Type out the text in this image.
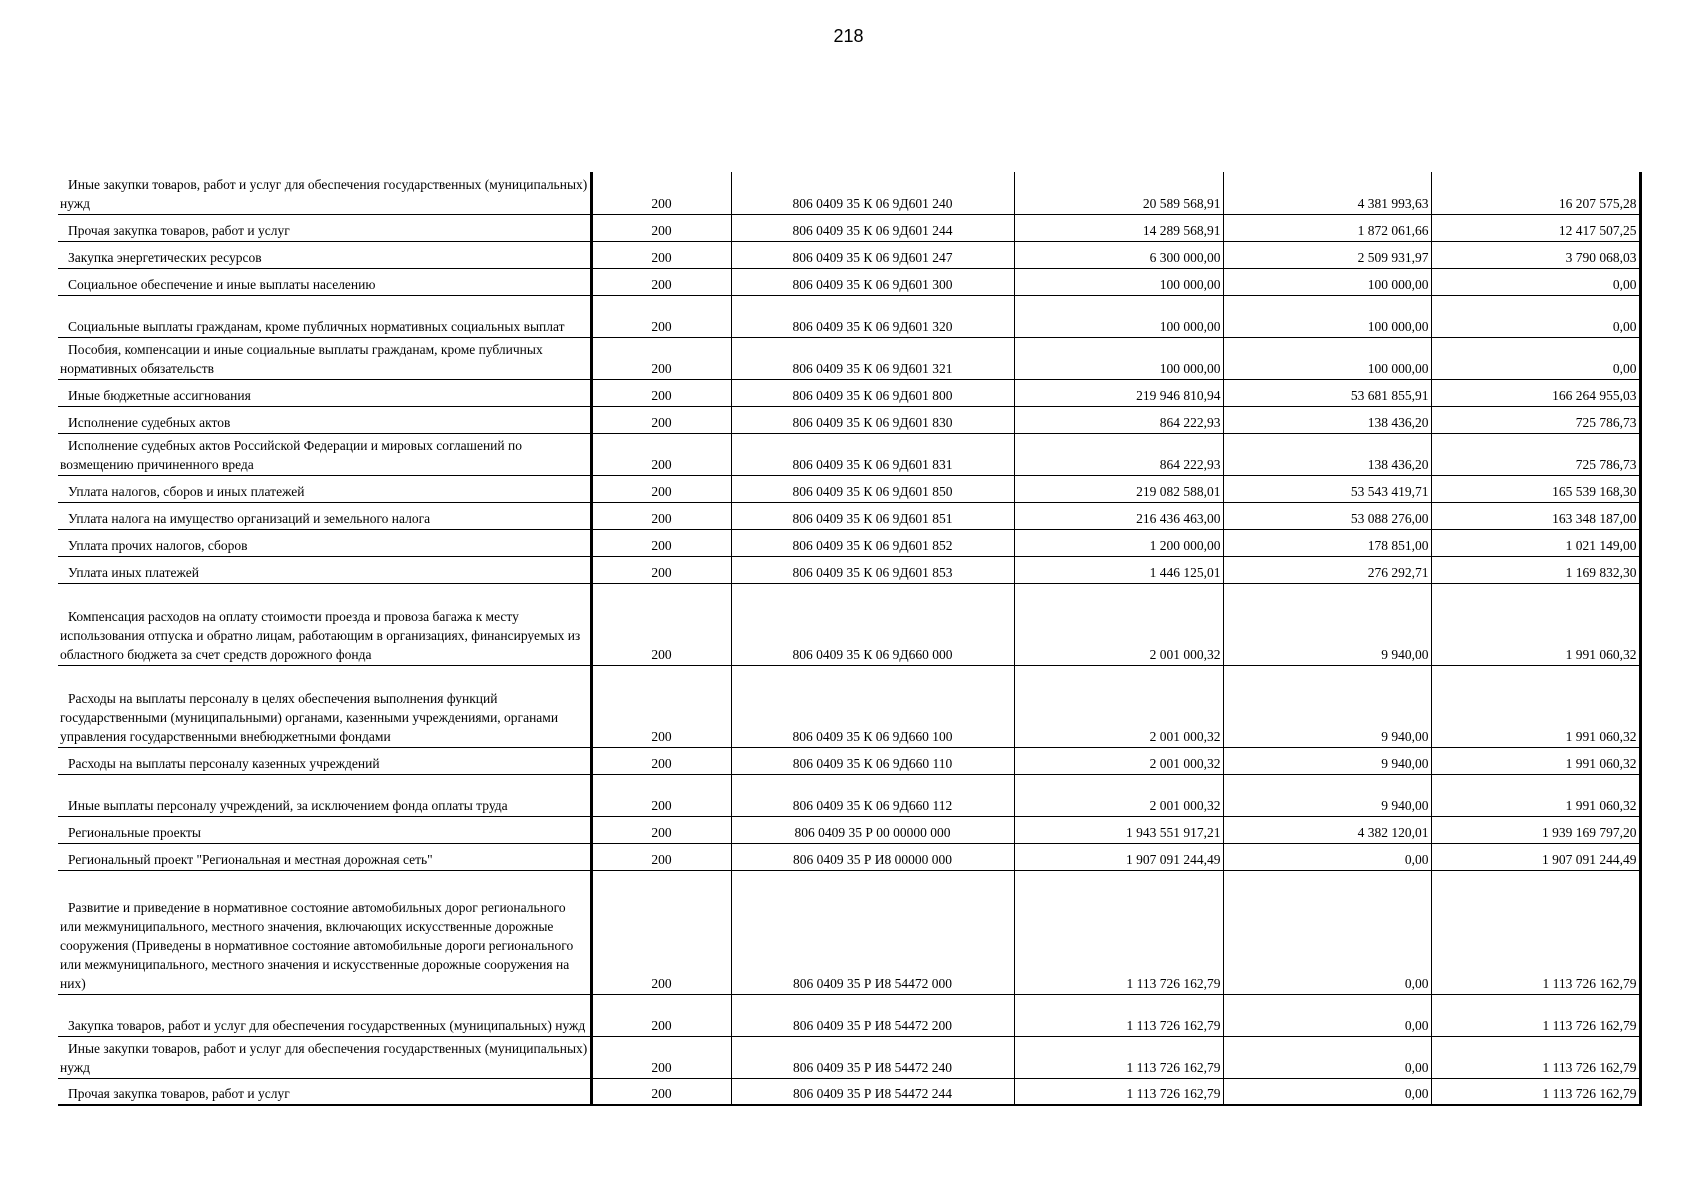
218
Иные закупки товаров, работ и услуг для обеспечения государственных (муниципальных) нужд	200	806 0409 35 К 06 9Д601 240	20 589 568,91	4 381 993,63	16 207 575,28

Прочая закупка товаров, работ и услуг	200	806 0409 35 К 06 9Д601 244	14 289 568,91	1 872 061,66	12 417 507,25

Закупка энергетических ресурсов	200	806 0409 35 К 06 9Д601 247	6 300 000,00	2 509 931,97	3 790 068,03

Социальное обеспечение и иные выплаты населению	200	806 0409 35 К 06 9Д601 300	100 000,00	100 000,00	0,00

Социальные выплаты гражданам, кроме публичных нормативных социальных выплат	200	806 0409 35 К 06 9Д601 320	100 000,00	100 000,00	0,00

Пособия, компенсации и иные социальные выплаты гражданам, кроме публичных нормативных обязательств	200	806 0409 35 К 06 9Д601 321	100 000,00	100 000,00	0,00

Иные бюджетные ассигнования	200	806 0409 35 К 06 9Д601 800	219 946 810,94	53 681 855,91	166 264 955,03

Исполнение судебных актов	200	806 0409 35 К 06 9Д601 830	864 222,93	138 436,20	725 786,73

Исполнение судебных актов Российской Федерации и мировых соглашений по возмещению причиненного вреда	200	806 0409 35 К 06 9Д601 831	864 222,93	138 436,20	725 786,73

Уплата налогов, сборов и иных платежей	200	806 0409 35 К 06 9Д601 850	219 082 588,01	53 543 419,71	165 539 168,30

Уплата налога на имущество организаций и земельного налога	200	806 0409 35 К 06 9Д601 851	216 436 463,00	53 088 276,00	163 348 187,00

Уплата прочих налогов, сборов	200	806 0409 35 К 06 9Д601 852	1 200 000,00	178 851,00	1 021 149,00

Уплата иных платежей	200	806 0409 35 К 06 9Д601 853	1 446 125,01	276 292,71	1 169 832,30

Компенсация расходов на оплату стоимости проезда и провоза багажа к месту использования отпуска и обратно лицам, работающим в организациях, финансируемых из областного бюджета за счет средств дорожного фонда	200	806 0409 35 К 06 9Д660 000	2 001 000,32	9 940,00	1 991 060,32

Расходы на выплаты персоналу в целях обеспечения выполнения функций государственными (муниципальными) органами, казенными учреждениями, органами управления государственными внебюджетными фондами	200	806 0409 35 К 06 9Д660 100	2 001 000,32	9 940,00	1 991 060,32

Расходы на выплаты персоналу казенных учреждений	200	806 0409 35 К 06 9Д660 110	2 001 000,32	9 940,00	1 991 060,32

Иные выплаты персоналу учреждений, за исключением фонда оплаты труда	200	806 0409 35 К 06 9Д660 112	2 001 000,32	9 940,00	1 991 060,32

Региональные проекты	200	806 0409 35 Р 00 00000 000	1 943 551 917,21	4 382 120,01	1 939 169 797,20

Региональный проект "Региональная и местная дорожная сеть"	200	806 0409 35 Р И8 00000 000	1 907 091 244,49	0,00	1 907 091 244,49

Развитие и приведение в нормативное состояние автомобильных дорог регионального или межмуниципального, местного значения, включающих искусственные дорожные сооружения (Приведены в нормативное состояние автомобильные дороги регионального или межмуниципального, местного значения и искусственные дорожные сооружения на них)	200	806 0409 35 Р И8 54472 000	1 113 726 162,79	0,00	1 113 726 162,79

Закупка товаров, работ и услуг для обеспечения государственных (муниципальных) нужд	200	806 0409 35 Р И8 54472 200	1 113 726 162,79	0,00	1 113 726 162,79

Иные закупки товаров, работ и услуг для обеспечения государственных (муниципальных) нужд	200	806 0409 35 Р И8 54472 240	1 113 726 162,79	0,00	1 113 726 162,79

Прочая закупка товаров, работ и услуг	200	806 0409 35 Р И8 54472 244	1 113 726 162,79	0,00	1 113 726 162,79
